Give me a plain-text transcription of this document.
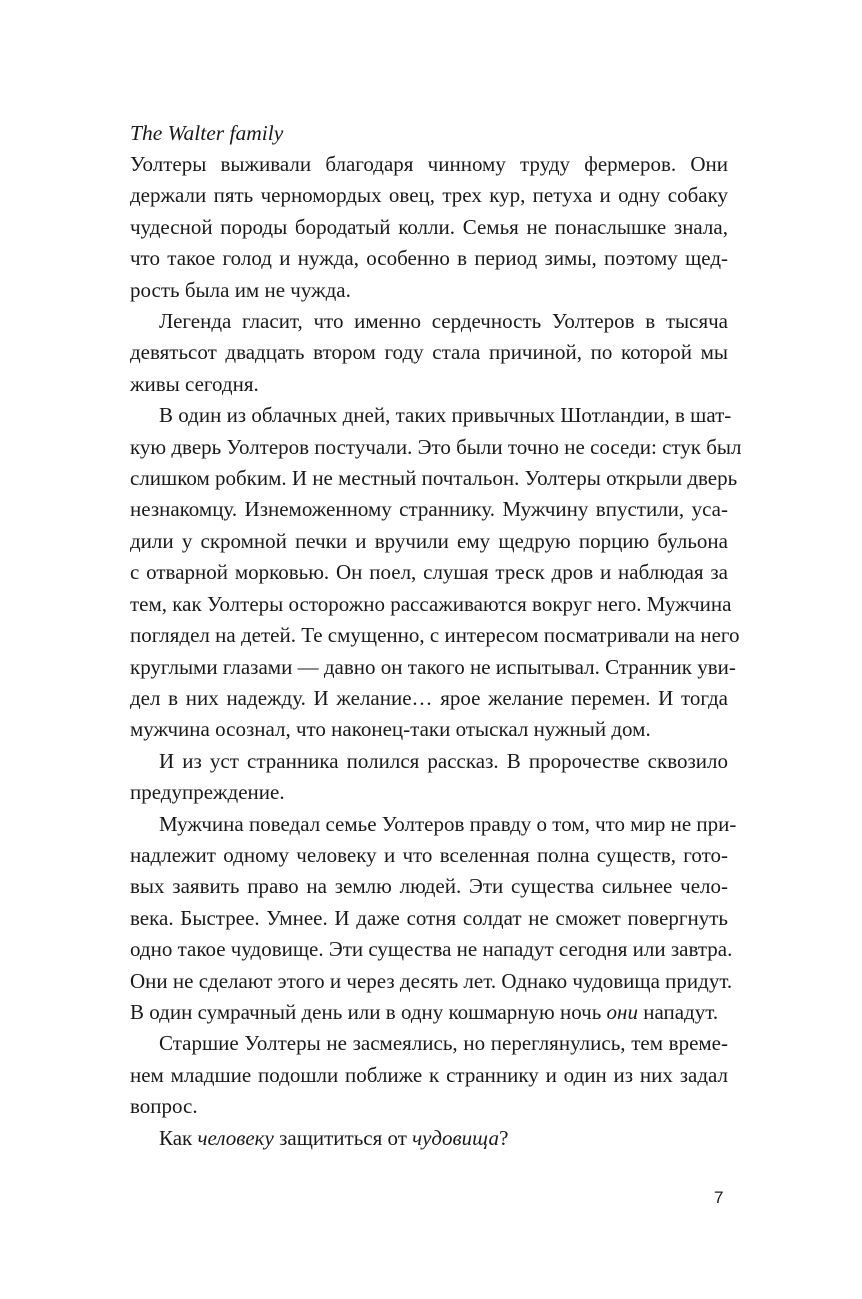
The Walter family

Уолтеры выживали благодаря чинному труду фермеров. Они
держали пять черномордых овец, трех кур, петуха и одну собаку
чудесной породы бородатый колли. Семья не понаслышке знала,
что такое голод и нужда, особенно в период зимы, поэтому щед-
рость была им не чужда.

Легенда гласит, что именно сердечность Уолтеров в тысяча
девятьсот двадцать втором году стала причиной, по которой мы
живы сегодня.

В один из облачных дней, таких привычных Шотландии, в шат-
кую дверь Уолтеров постучали. Это были точно не соседи: стук был
слишком робким. И не местный почтальон. Уолтеры открыли дверь
незнакомцу. Изнеможенному страннику. Мужчину впустили, уса-
дили у скромной печки и вручили ему щедрую порцию бульона
с отварной морковью. Он поел, слушая треск дров и наблюдая за
тем, как Уолтеры осторожно рассаживаются вокруг него. Мужчина
поглядел на детей. Те смущенно, с интересом посматривали на него
круглыми глазами — давно он такого не испытывал. Странник уви-
дел в них надежду. И желание… ярое желание перемен. И тогда
мужчина осознал, что наконец-таки отыскал нужный дом.

И из уст странника полился рассказ. В пророчестве сквозило
предупреждение.

Мужчина поведал семье Уолтеров правду о том, что мир не при-
надлежит одному человеку и что вселенная полна существ, гото-
вых заявить право на землю людей. Эти существа сильнее чело-
века. Быстрее. Умнее. И даже сотня солдат не сможет повергнуть
одно такое чудовище. Эти существа не нападут сегодня или завтра.
Они не сделают этого и через десять лет. Однако чудовища придут.
В один сумрачный день или в одну кошмарную ночь они нападут.

Старшие Уолтеры не засмеялись, но переглянулись, тем време-
нем младшие подошли поближе к страннику и один из них задал
вопрос.

Как человеку защититься от чудовища?

7
